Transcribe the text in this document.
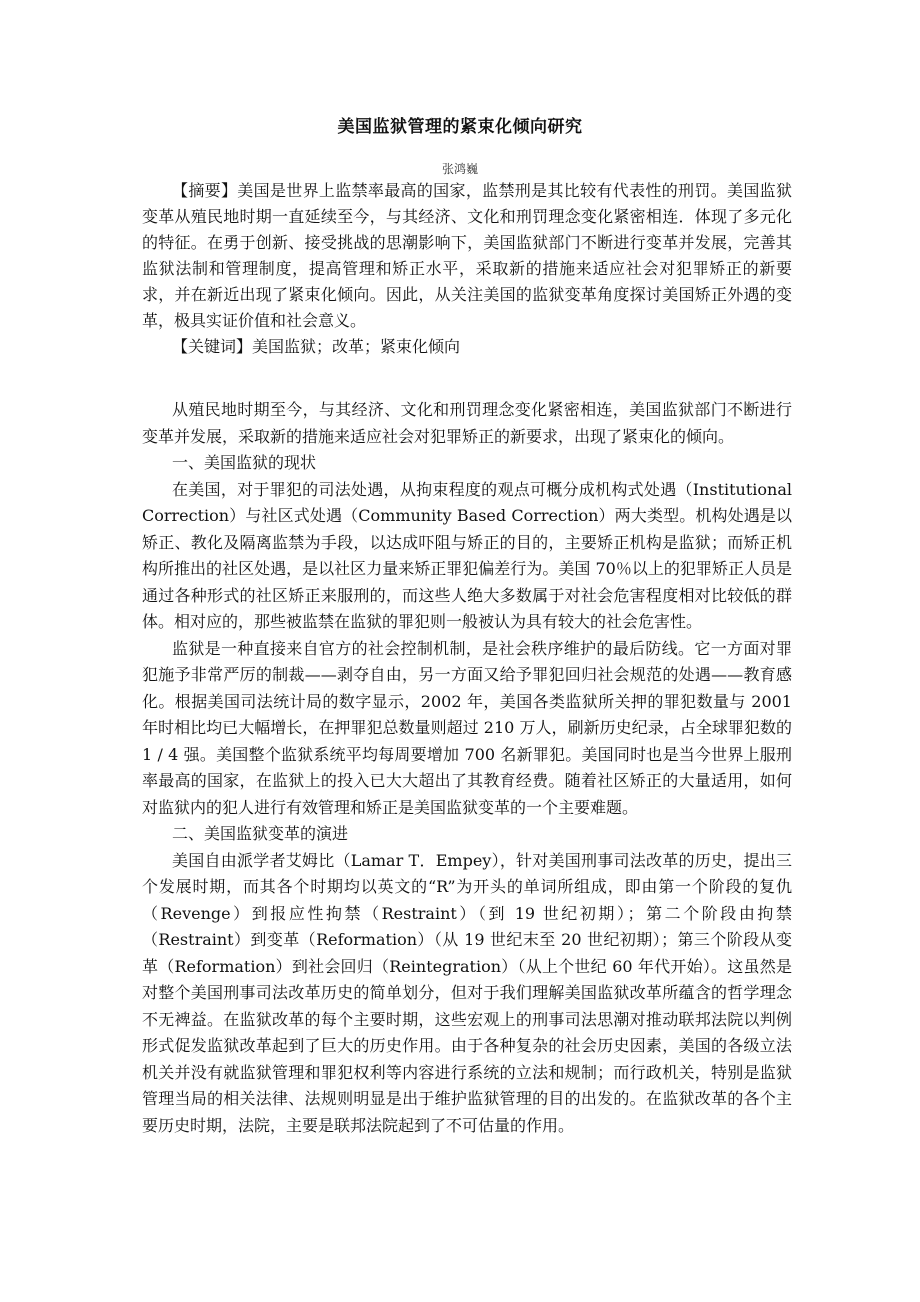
美国监狱管理的紧束化倾向研究
张鸿巍

【摘要】美国是世界上监禁率最高的国家，监禁刑是其比较有代表性的刑罚。美国监狱变革从殖民地时期一直延续至今，与其经济、文化和刑罚理念变化紧密相连．体现了多元化的特征。在勇于创新、接受挑战的思潮影响下，美国监狱部门不断进行变革并发展，完善其监狱法制和管理制度，提高管理和矫正水平，采取新的措施来适应社会对犯罪矫正的新要求，并在新近出现了紧束化倾向。因此，从关注美国的监狱变革角度探讨美国矫正外遇的变革，极具实证价值和社会意义。

【关键词】美国监狱；改革；紧束化倾向

从殖民地时期至今，与其经济、文化和刑罚理念变化紧密相连，美国监狱部门不断进行变革并发展，采取新的措施来适应社会对犯罪矫正的新要求，出现了紧束化的倾向。

一、美国监狱的现状

在美国，对于罪犯的司法处遇，从拘束程度的观点可概分成机构式处遇（Institutional Correction）与社区式处遇（Community Based Correction）两大类型。机构处遇是以矫正、教化及隔离监禁为手段，以达成吓阻与矫正的目的，主要矫正机构是监狱；而矫正机构所推出的社区处遇，是以社区力量来矫正罪犯偏差行为。美国 70％以上的犯罪矫正人员是通过各种形式的社区矫正来服刑的，而这些人绝大多数属于对社会危害程度相对比较低的群体。相对应的，那些被监禁在监狱的罪犯则一般被认为具有较大的社会危害性。

监狱是一种直接来自官方的社会控制机制，是社会秩序维护的最后防线。它一方面对罪犯施予非常严厉的制裁——剥夺自由，另一方面又给予罪犯回归社会规范的处遇——教育感化。根据美国司法统计局的数字显示，2002 年，美国各类监狱所关押的罪犯数量与 2001 年时相比均已大幅增长，在押罪犯总数量则超过 210 万人，刷新历史纪录，占全球罪犯数的 1 / 4 强。美国整个监狱系统平均每周要增加 700 名新罪犯。美国同时也是当今世界上服刑率最高的国家，在监狱上的投入已大大超出了其教育经费。随着社区矫正的大量适用，如何对监狱内的犯人进行有效管理和矫正是美国监狱变革的一个主要难题。

二、美国监狱变革的演进

美国自由派学者艾姆比（Lamar T．Empey），针对美国刑事司法改革的历史，提出三个发展时期，而其各个时期均以英文的“R”为开头的单词所组成，即由第一个阶段的复仇（Revenge）到报应性拘禁（Restraint）（到 19 世纪初期）；第二个阶段由拘禁（Restraint）到变革（Reformation）（从 19 世纪末至 20 世纪初期）；第三个阶段从变革（Reformation）到社会回归（Reintegration）（从上个世纪 60 年代开始）。这虽然是对整个美国刑事司法改革历史的简单划分，但对于我们理解美国监狱改革所蕴含的哲学理念不无裨益。在监狱改革的每个主要时期，这些宏观上的刑事司法思潮对推动联邦法院以判例形式促发监狱改革起到了巨大的历史作用。由于各种复杂的社会历史因素，美国的各级立法机关并没有就监狱管理和罪犯权利等内容进行系统的立法和规制；而行政机关，特别是监狱管理当局的相关法律、法规则明显是出于维护监狱管理的目的出发的。在监狱改革的各个主要历史时期，法院，主要是联邦法院起到了不可估量的作用。
